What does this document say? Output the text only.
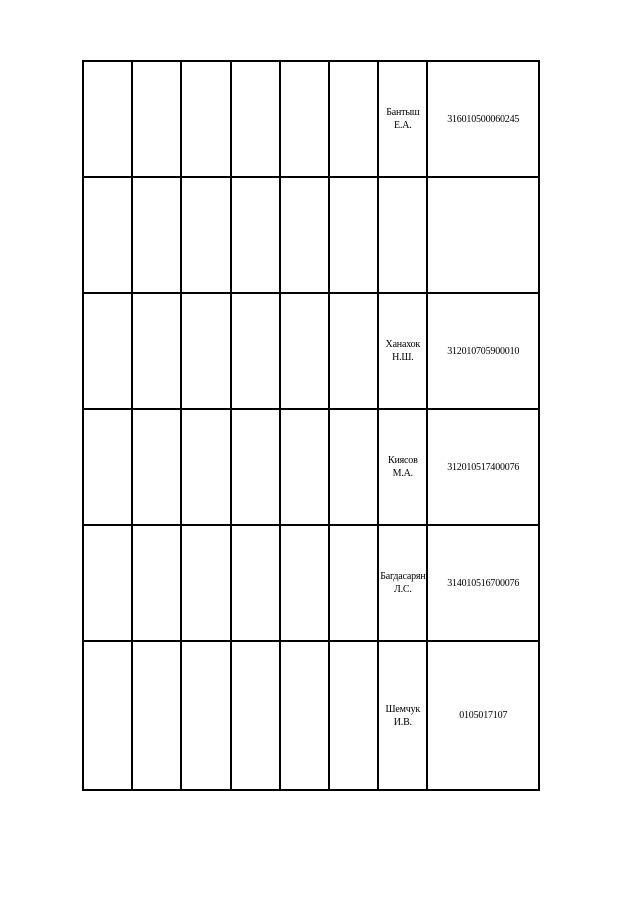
						Бантыш
Е.А.	316010500060245

						Ханахок
Н.Ш.	312010705900010

						Киясов
М.А.	312010517400076

						Багдасарян
Л.С.	314010516700076

						Шемчук
И.В.	0105017107
